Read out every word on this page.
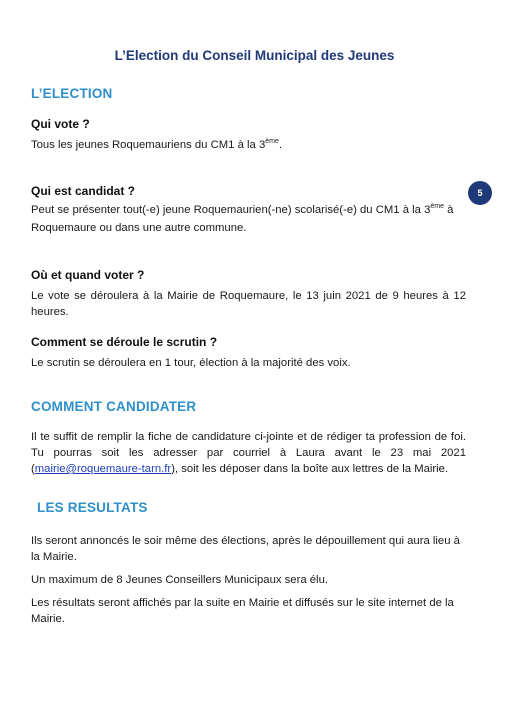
L’Election du Conseil Municipal des Jeunes
L’ELECTION
Qui vote ?
Tous les jeunes Roquemauriens du CM1 à la 3ème.
Qui est candidat ?
Peut se présenter tout(-e) jeune Roquemaurien(-ne) scolarisé(-e) du CM1 à la 3ème à Roquemaure ou dans une autre commune.
5
Où et quand voter ?
Le vote se déroulera à la Mairie de Roquemaure, le 13 juin 2021 de 9 heures à 12 heures.
Comment se déroule le scrutin ?
Le scrutin se déroulera en 1 tour, élection à la majorité des voix.
COMMENT CANDIDATER
Il te suffit de remplir la fiche de candidature ci-jointe et de rédiger ta profession de foi. Tu pourras soit les adresser par courriel à Laura avant le 23 mai 2021 (mairie@roquemaure-tarn.fr), soit les déposer dans la boîte aux lettres de la Mairie.
LES RESULTATS
Ils seront annoncés le soir même des élections, après le dépouillement qui aura lieu à la Mairie.
Un maximum de 8 Jeunes Conseillers Municipaux sera élu.
Les résultats seront affichés par la suite en Mairie et diffusés sur le site internet de la Mairie.
